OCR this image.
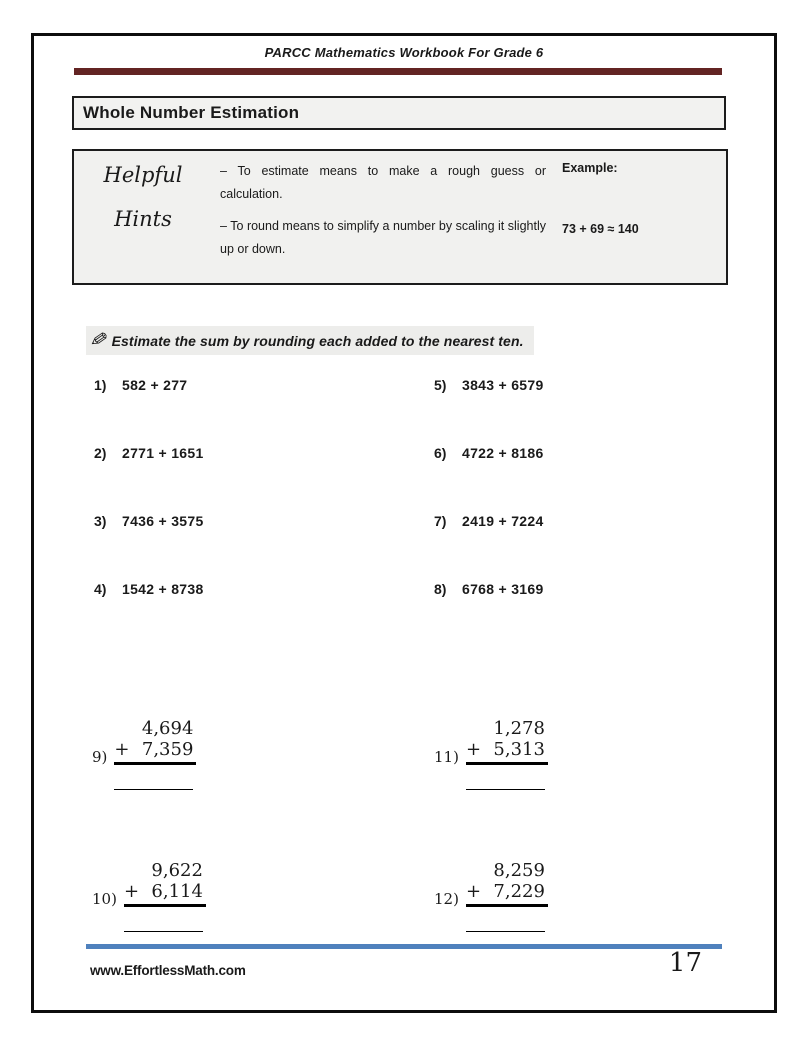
PARCC Mathematics Workbook For Grade 6
Whole Number Estimation
Helpful
Hints

– To estimate means to make a rough guess or calculation.

– To round means to simplify a number by scaling it slightly up or down.

Example:
73 + 69 ≈ 140
✎ Estimate the sum by rounding each added to the nearest ten.
1)	582 + 277
2)	2771 + 1651
3)	7436 + 3575
4)	1542 + 8738
5)	3843 + 6579
6)	4722 + 8186
7)	2419 + 7224
8)	6768 + 3169
9)
4,694
+ 7,359
10)
9,622
+ 6,114
11)
1,278
+ 5,313
12)
8,259
+ 7,229
www.EffortlessMath.com	17
